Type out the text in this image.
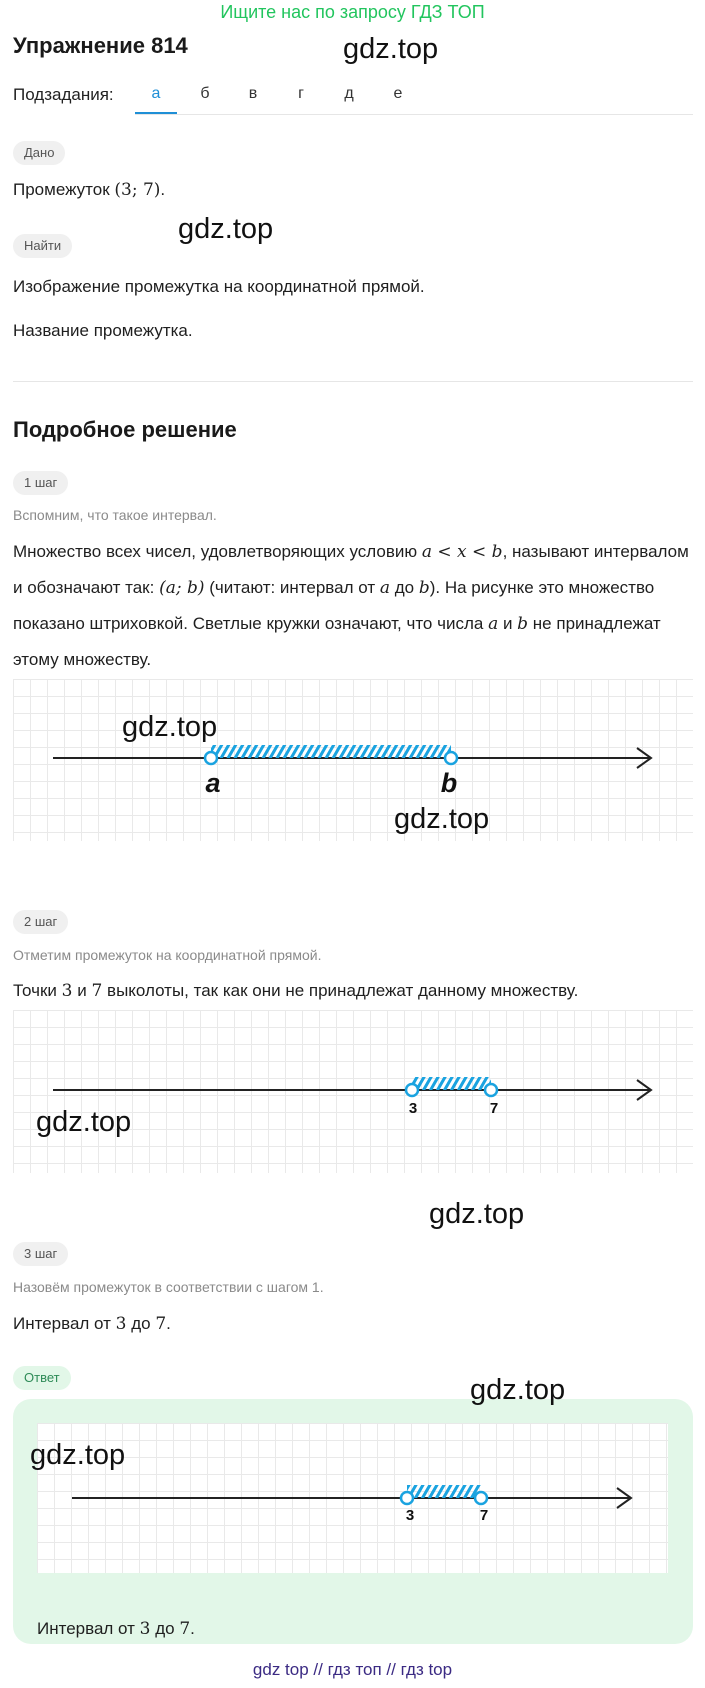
Ищите нас по запросу ГДЗ ТОП
Упражнение 814	gdz.top
Подзадания:	а	б	в	г	д	е
Дано
Промежуток (3; 7).
Найти
gdz.top
Изображение промежутка на координатной прямой.
Название промежутка.
Подробное решение
1 шаг
Вспомним, что такое интервал.
Множество всех чисел, удовлетворяющих условию a < x < b, называют интервалом и обозначают так: (a; b) (читают: интервал от a до b). На рисунке это множество показано штриховкой. Светлые кружки означают, что числа a и b не принадлежат этому множеству.
a	b
gdz.top
gdz.top
2 шаг
Отметим промежуток на координатной прямой.
Точки 3 и 7 выколоты, так как они не принадлежат данному множеству.
3	7
gdz.top
gdz.top
3 шаг
Назовём промежуток в соответствии с шагом 1.
Интервал от 3 до 7.
Ответ
3	7
gdz.top
gdz.top
Интервал от 3 до 7.
gdz top // гдз топ // гдз top
